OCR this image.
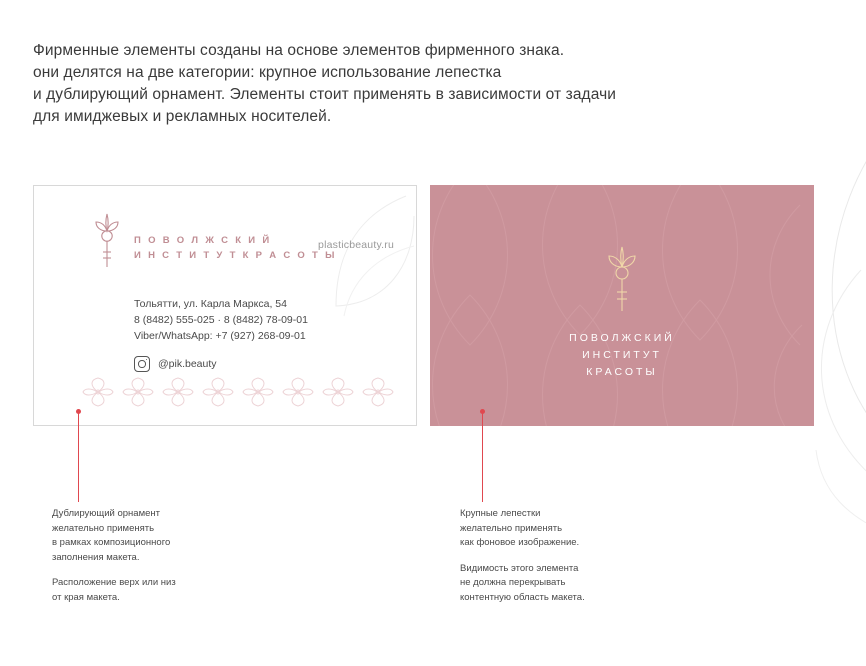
Фирменные элементы созданы на основе элементов фирменного знака.
они делятся на две категории: крупное использование лепестка
и дублирующий орнамент. Элементы стоит применять в зависимости от задачи
для имиджевых и рекламных носителей.
П О В О Л Ж С К И Й
И Н С Т И Т У Т К Р А С О Т Ы
plasticbeauty.ru
Тольятти, ул. Карла Маркса, 54
8 (8482) 555-025 · 8 (8482) 78-09-01
Viber/WhatsApp: +7 (927) 268-09-01
@pik.beauty
ПОВОЛЖСКИЙ
ИНСТИТУТ
КРАСОТЫ

Дублирующий орнамент
желательно применять
в рамках композиционного
заполнения макета.

Расположение верх или низ
от края макета.

Крупные лепестки
желательно применять
как фоновое изображение.

Видимость этого элемента
не должна перекрывать
контентную область макета.
